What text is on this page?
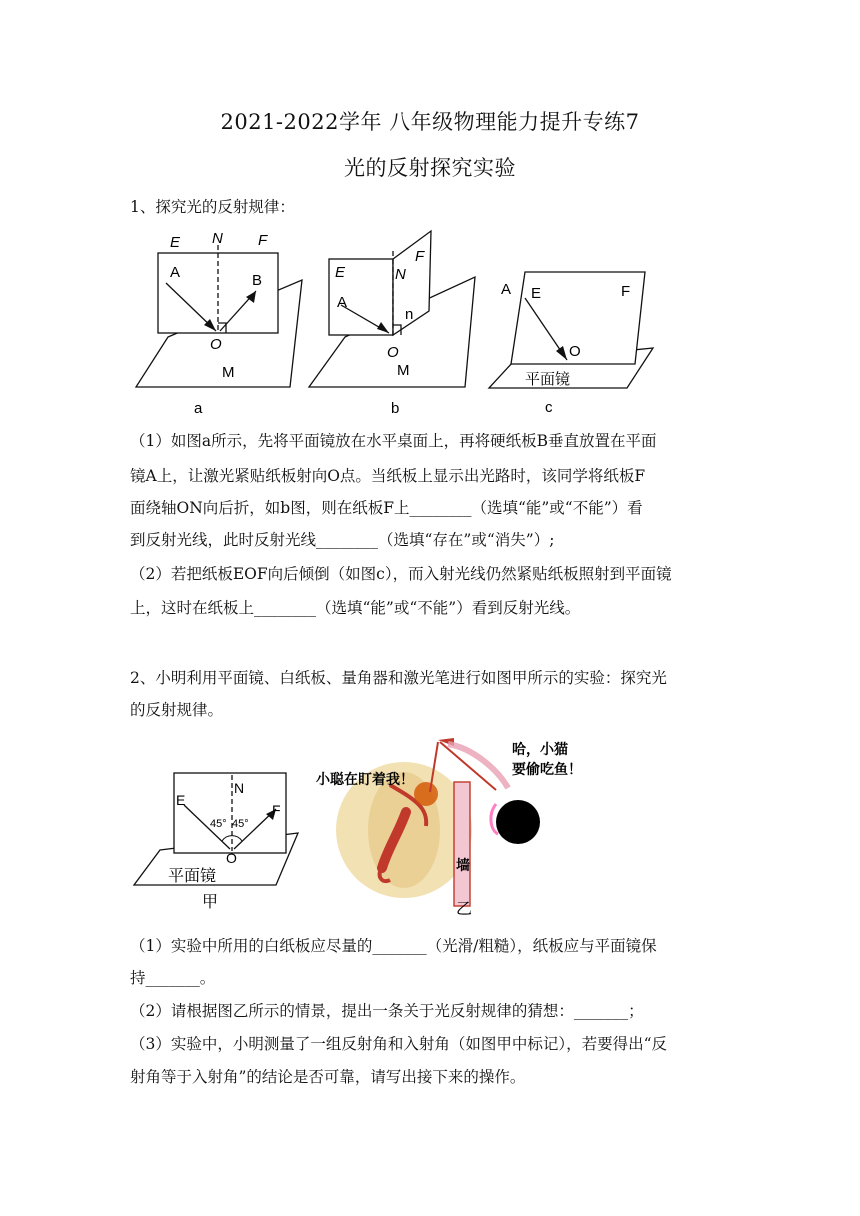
2021-2022学年 八年级物理能力提升专练7
光的反射探究实验
1、探究光的反射规律：
E N F
A	B
O
M
a
E	N
F
A
n
O
M
b
A E	F
O
平面镜
c
（1）如图a所示，先将平面镜放在水平桌面上，再将硬纸板B垂直放置在平面
镜A上，让激光紧贴纸板射向O点。当纸板上显示出光路时，该同学将纸板F
面绕轴ON向后折，如b图，则在纸板F上________（选填“能”或“不能”）看
到反射光线，此时反射光线________（选填“存在”或“消失”）;
（2）若把纸板EOF向后倾倒（如图c），而入射光线仍然紧贴纸板照射到平面镜
上，这时在纸板上________（选填“能”或“不能”）看到反射光线。
2、小明利用平面镜、白纸板、量角器和激光笔进行如图甲所示的实验：探究光
的反射规律。
E
N
F
45° 45°
O
平面镜
甲
墙
小聪在盯着我！
哈，小猫
要偷吃鱼！
乙
（1）实验中所用的白纸板应尽量的_______（光滑/粗糙），纸板应与平面镜保
持_______。
（2）请根据图乙所示的情景，提出一条关于光反射规律的猜想：_______；
（3）实验中，小明测量了一组反射角和入射角（如图甲中标记），若要得出“反
射角等于入射角”的结论是否可靠，请写出接下来的操作。
